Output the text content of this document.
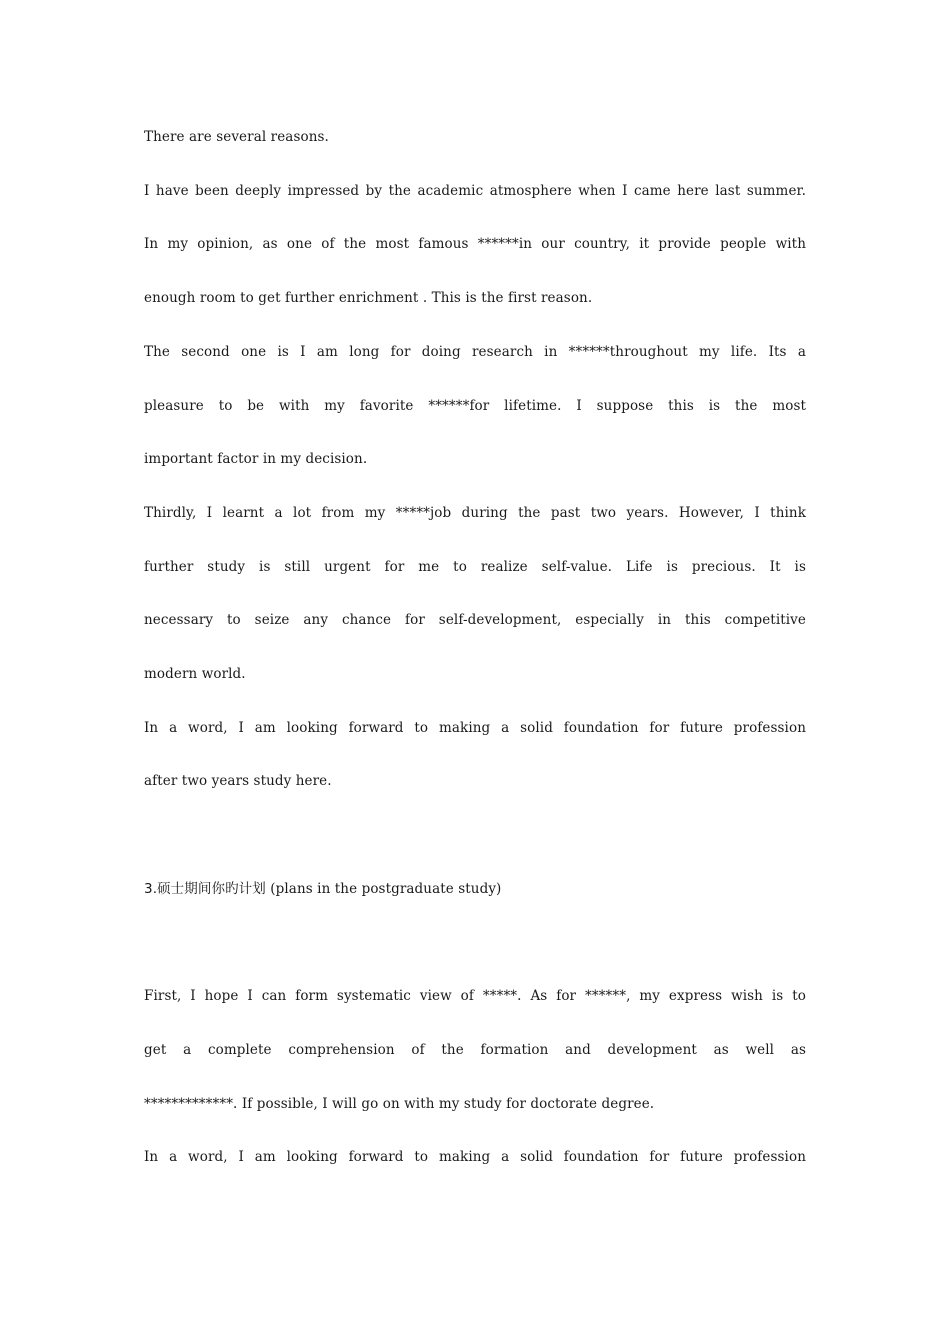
There are several reasons.
I have been deeply impressed by the academic atmosphere when I came here last summer.
In my opinion, as one of the most famous ******in our country, it provide people with
enough room to get further enrichment . This is the first reason.
The second one is I am long for doing research in ******throughout my life. Its a
pleasure to be with my favorite ******for lifetime. I suppose this is the most
important factor in my decision.
Thirdly, I learnt a lot from my *****job during the past two years. However, I think
further study is still urgent for me to realize self-value. Life is precious. It is
necessary to seize any chance for self-development, especially in this competitive
modern world.
In a word, I am looking forward to making a solid foundation for future profession
after two years study here.
3.硕士期间你旳计划 (plans in the postgraduate study)
First, I hope I can form systematic view of *****. As for ******, my express wish is to
get a complete comprehension of the formation and development as well as
*************. If possible, I will go on with my study for doctorate degree.
In a word, I am looking forward to making a solid foundation for future profession
